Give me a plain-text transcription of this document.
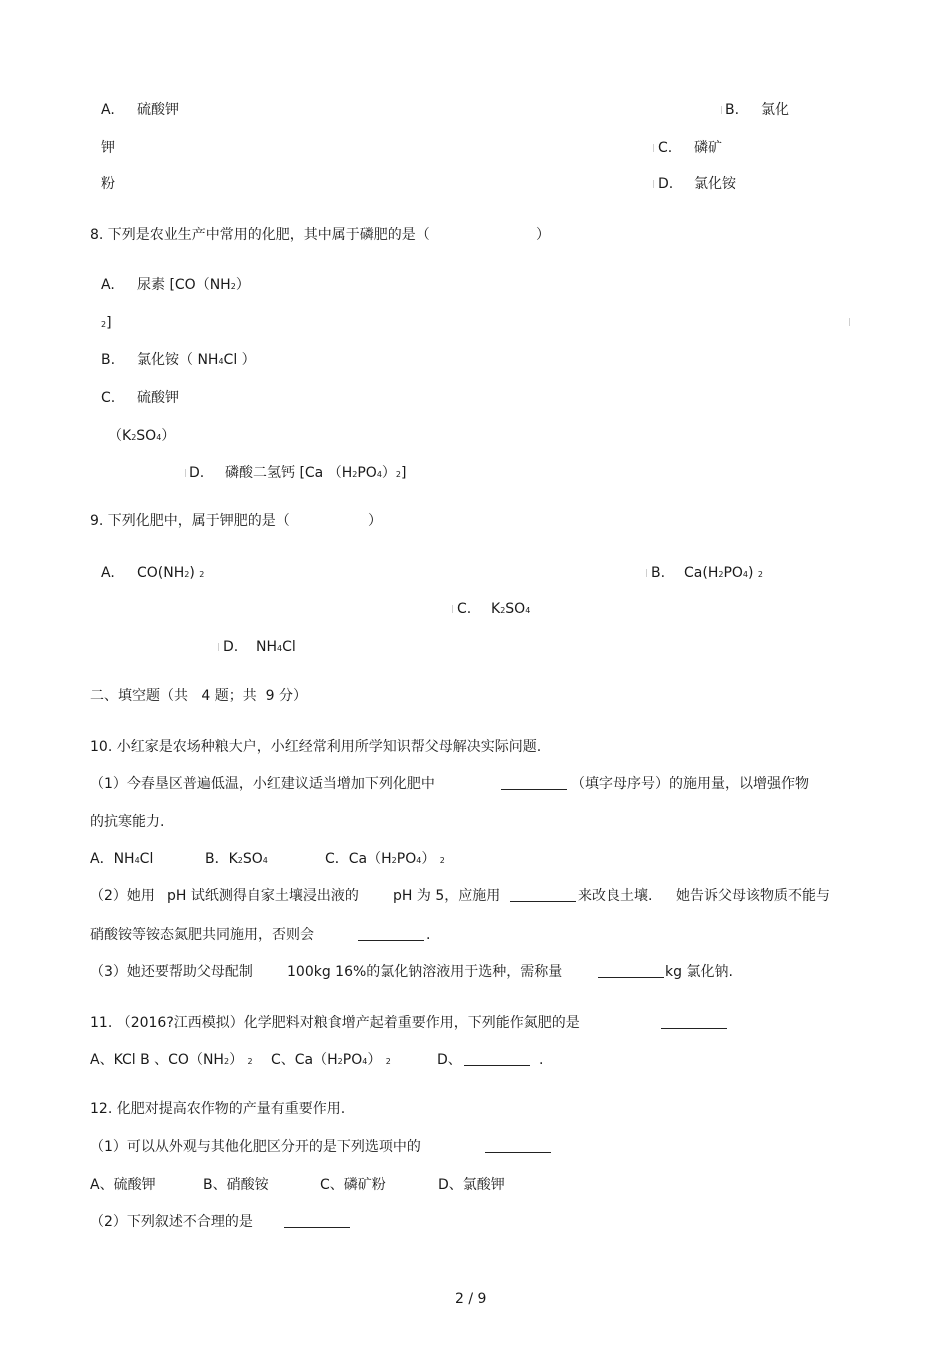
A. 硫酸钾	B. 氯化
钾	C. 磷矿
粉	D. 氯化铵
8. 下列是农业生产中常用的化肥，其中属于磷肥的是（	）
A. 尿素 [CO（NH2）
2]
B. 氯化铵（ NH4Cl ）
C. 硫酸钾
（K2SO4）
D. 磷酸二氢钙 [Ca （H2PO4）2]
9. 下列化肥中，属于钾肥的是（	）
A. CO(NH2) 2	B. Ca(H2PO4) 2
C. K2SO4
D. NH4Cl
二、填空题（共 4 题；共 9 分）
10. 小红家是农场种粮大户，小红经常利用所学知识帮父母解决实际问题.
（1）今春垦区普遍低温，小红建议适当增加下列化肥中	（填字母序号）的施用量，以增强作物
的抗寒能力.
A．NH4Cl	B．K2SO4	C．Ca（H2PO4） 2
（2）她用 pH 试纸测得自家土壤浸出液的 pH 为 5，应施用	来改良土壤. 她告诉父母该物质不能与
硝酸铵等铵态氮肥共同施用，否则会	.
（3）她还要帮助父母配制 100kg 16%的氯化钠溶液用于选种，需称量	kg 氯化钠.
11. （2016?江西模拟）化学肥料对粮食增产起着重要作用，下列能作氮肥的是
A、KCl B 、CO（NH2） 2 C、Ca（H2PO4） 2	D、	.
12. 化肥对提高农作物的产量有重要作用.
（1）可以从外观与其他化肥区分开的是下列选项中的
A、硫酸钾	B、硝酸铵	C、磷矿粉	D、氯酸钾
（2）下列叙述不合理的是
2 / 9
